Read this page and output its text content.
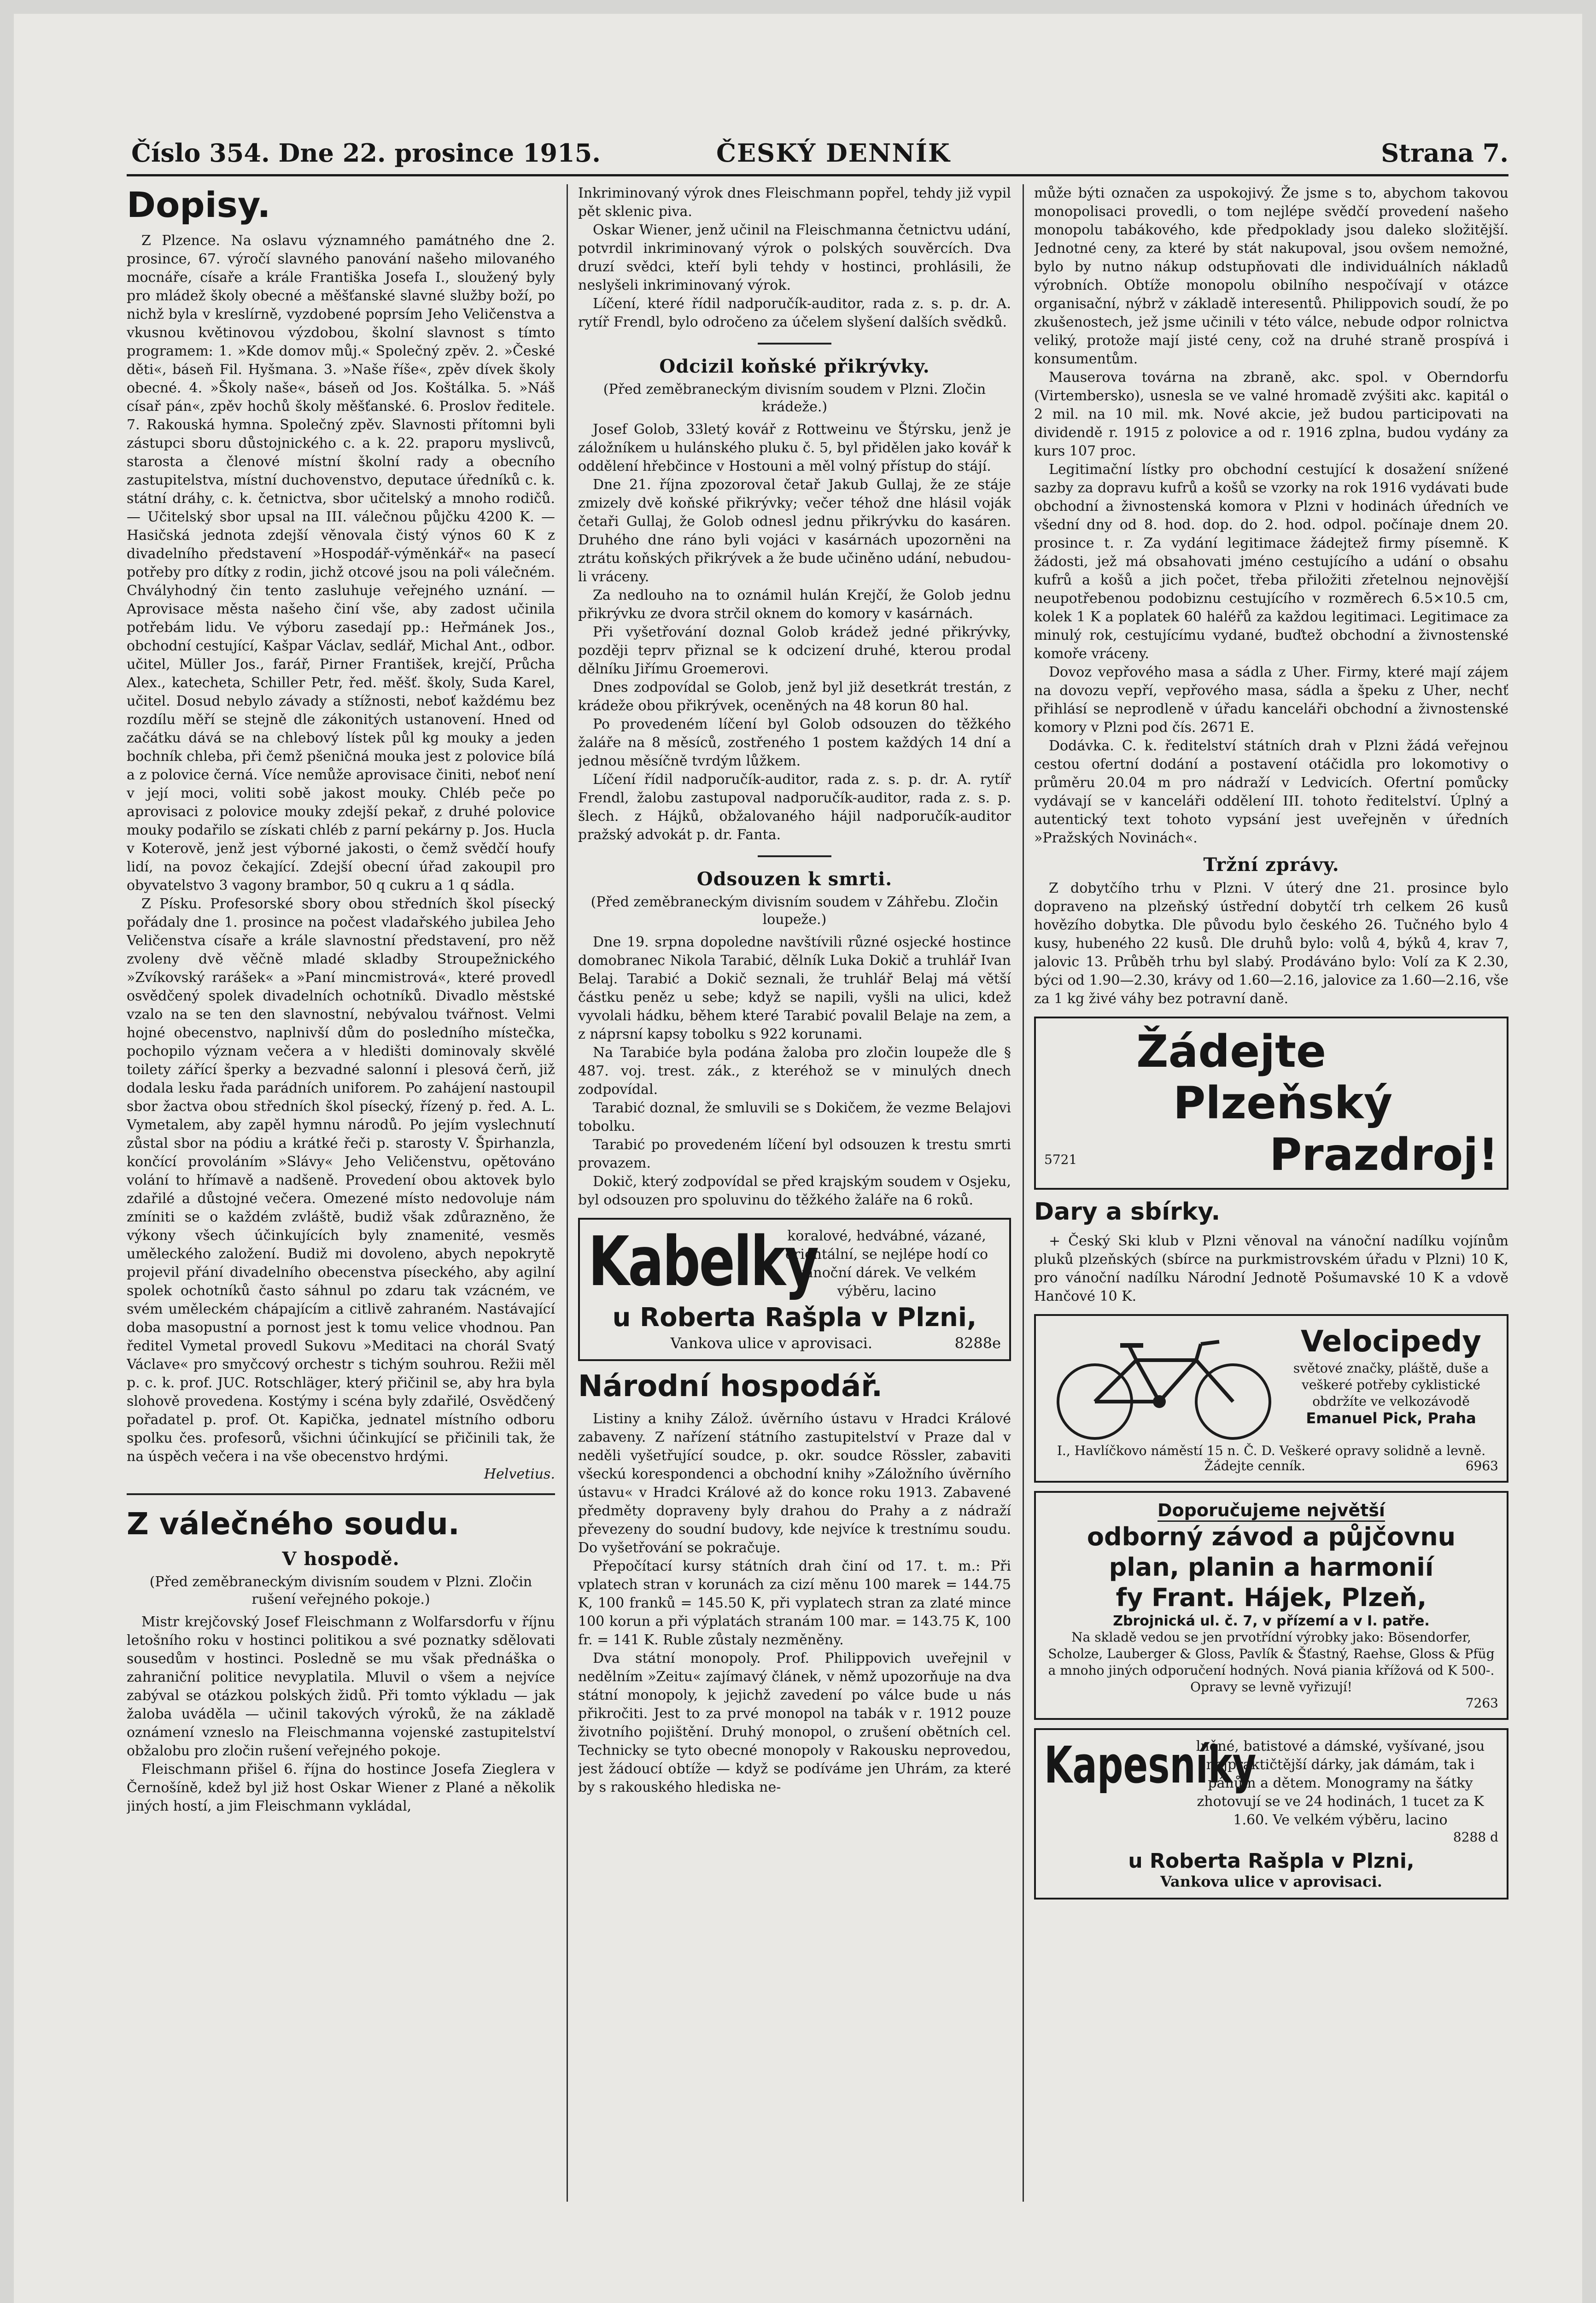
Číslo 354. Dne 22. prosince 1915.	ČESKÝ DENNÍK	Strana 7.
Dopisy.

Z Plzence. Na oslavu významného památného dne 2. prosince, 67. výročí slavného panování našeho milovaného mocnáře, císaře a krále Františka Josefa I., sloužený byly pro mládež školy obecné a měšťanské slavné služby boží, po nichž byla v kreslírně, vyzdobené poprsím Jeho Veličenstva a vkusnou květinovou výzdobou, školní slavnost s tímto programem: 1. »Kde domov můj.« Společný zpěv. 2. »České děti«, báseň Fil. Hyšmana. 3. »Naše říše«, zpěv dívek školy obecné. 4. »Školy naše«, báseň od Jos. Koštálka. 5. »Náš císař pán«, zpěv hochů školy měšťanské. 6. Proslov ředitele. 7. Rakouská hymna. Společný zpěv. Slavnosti přítomni byli zástupci sboru důstojnického c. a k. 22. praporu myslivců, starosta a členové místní školní rady a obecního zastupitelstva, místní duchovenstvo, deputace úředníků c. k. státní dráhy, c. k. četnictva, sbor učitelský a mnoho rodičů. — Učitelský sbor upsal na III. válečnou půjčku 4200 K. — Hasičská jednota zdejší věnovala čistý výnos 60 K z divadelního představení »Hospodář-výměnkář« na pasecí potřeby pro dítky z rodin, jichž otcové jsou na poli válečném. Chvályhodný čin tento zasluhuje veřejného uznání. — Aprovisace města našeho činí vše, aby zadost učinila potřebám lidu. Ve výboru zasedají pp.: Heřmánek Jos., obchodní cestující, Kašpar Václav, sedlář, Michal Ant., odbor. učitel, Müller Jos., farář, Pirner František, krejčí, Průcha Alex., katecheta, Schiller Petr, řed. měšť. školy, Suda Karel, učitel. Dosud nebylo závady a stížnosti, neboť každému bez rozdílu měří se stejně dle zákonitých ustanovení. Hned od začátku dává se na chlebový lístek půl kg mouky a jeden bochník chleba, při čemž pšeničná mouka jest z polovice bílá a z polovice černá. Více nemůže aprovisace činiti, neboť není v její moci, voliti sobě jakost mouky. Chléb peče po aprovisaci z polovice mouky zdejší pekař, z druhé polovice mouky podařilo se získati chléb z parní pekárny p. Jos. Hucla v Koterově, jenž jest výborné jakosti, o čemž svědčí houfy lidí, na povoz čekající. Zdejší obecní úřad zakoupil pro obyvatelstvo 3 vagony brambor, 50 q cukru a 1 q sádla.

Z Písku. Profesorské sbory obou středních škol písecký pořádaly dne 1. prosince na počest vladařského jubilea Jeho Veličenstva císaře a krále slavnostní představení, pro něž zvoleny dvě věčně mladé skladby Stroupežnického »Zvíkovský rarášek« a »Paní mincmistrová«, které provedl osvědčený spolek divadelních ochotníků. Divadlo městské vzalo na se ten den slavnostní, nebývalou tvářnost. Velmi hojné obecenstvo, naplnivší dům do posledního místečka, pochopilo význam večera a v hledišti dominovaly skvělé toilety zářící šperky a bezvadné salonní i plesová čerň, již dodala lesku řada parádních uniforem. Po zahájení nastoupil sbor žactva obou středních škol písecký, řízený p. řed. A. L. Vymetalem, aby zapěl hymnu národů. Po jejím vyslechnutí zůstal sbor na pódiu a krátké řeči p. starosty V. Špirhanzla, končící provoláním »Slávy« Jeho Veličenstvu, opětováno volání to hřímavě a nadšeně. Provedení obou aktovek bylo zdařilé a důstojné večera. Omezené místo nedovoluje nám zmíniti se o každém zvláště, budiž však zdůrazněno, že výkony všech účinkujících byly znamenité, vesměs uměleckého založení. Budiž mi dovoleno, abych nepokrytě projevil přání divadelního obecenstva píseckého, aby agilní spolek ochotníků často sáhnul po zdaru tak vzácném, ve svém uměleckém chápajícím a citlivě zahraném. Nastávající doba masopustní a pornost jest k tomu velice vhodnou. Pan ředitel Vymetal provedl Sukovu »Meditaci na chorál Svatý Václave« pro smyčcový orchestr s tichým souhrou. Režii měl p. c. k. prof. JUC. Rotschläger, který přičinil se, aby hra byla slohově provedena. Kostýmy i scéna byly zdařilé, Osvědčený pořadatel p. prof. Ot. Kapička, jednatel místního odboru spolku čes. profesorů, všichni účinkující se přičinili tak, že na úspěch večera i na vše obecenstvo hrdými.

Helvetius.

Z válečného soudu.
V hospodě.

(Před zeměbraneckým divisním soudem v Plzni. Zločin rušení veřejného pokoje.)

Mistr krejčovský Josef Fleischmann z Wolfarsdorfu v říjnu letošního roku v hostinci politikou a své poznatky sdělovati sousedům v hostinci. Posledně se mu však přednáška o zahraniční politice nevyplatila. Mluvil o všem a nejvíce zabýval se otázkou polských židů. Při tomto výkladu — jak žaloba uváděla — učinil takových výroků, že na základě oznámení vzneslo na Fleischmanna vojenské zastupitelství obžalobu pro zločin rušení veřejného pokoje.

Fleischmann přišel 6. října do hostince Josefa Zieglera v Černošíně, kdež byl již host Oskar Wiener z Plané a několik jiných hostí, a jim Fleischmann vykládal,

Inkriminovaný výrok dnes Fleischmann popřel, tehdy již vypil pět sklenic piva.

Oskar Wiener, jenž učinil na Fleischmanna četnictvu udání, potvrdil inkriminovaný výrok o polských souvěrcích. Dva druzí svědci, kteří byli tehdy v hostinci, prohlásili, že neslyšeli inkriminovaný výrok.

Líčení, které řídil nadporučík-auditor, rada z. s. p. dr. A. rytíř Frendl, bylo odročeno za účelem slyšení dalších svědků.

Odcizil koňské přikrývky.

(Před zeměbraneckým divisním soudem v Plzni. Zločin krádeže.)

Josef Golob, 33letý kovář z Rottweinu ve Štýrsku, jenž je záložníkem u hulánského pluku č. 5, byl přidělen jako kovář k oddělení hřebčince v Hostouni a měl volný přístup do stájí.

Dne 21. října zpozoroval četař Jakub Gullaj, že ze stáje zmizely dvě koňské přikrývky; večer téhož dne hlásil voják četaři Gullaj, že Golob odnesl jednu přikrývku do kasáren. Druhého dne ráno byli vojáci v kasárnách upozorněni na ztrátu koňských přikrývek a že bude učiněno udání, nebudou-li vráceny.

Za nedlouho na to oznámil hulán Krejčí, že Golob jednu přikrývku ze dvora strčil oknem do komory v kasárnách.

Při vyšetřování doznal Golob krádež jedné přikrývky, později teprv přiznal se k odcizení druhé, kterou prodal dělníku Jiřímu Groemerovi.

Dnes zodpovídal se Golob, jenž byl již desetkrát trestán, z krádeže obou přikrývek, oceněných na 48 korun 80 hal.

Po provedeném líčení byl Golob odsouzen do těžkého žaláře na 8 měsíců, zostřeného 1 postem každých 14 dní a jednou měsíčně tvrdým lůžkem.

Líčení řídil nadporučík-auditor, rada z. s. p. dr. A. rytíř Frendl, žalobu zastupoval nadporučík-auditor, rada z. s. p. šlech. z Hájků, obžalovaného hájil nadporučík-auditor pražský advokát p. dr. Fanta.

Odsouzen k smrti.

(Před zeměbraneckým divisním soudem v Záhřebu. Zločin loupeže.)

Dne 19. srpna dopoledne navštívili různé osjecké hostince domobranec Nikola Tarabić, dělník Luka Dokič a truhlář Ivan Belaj. Tarabić a Dokič seznali, že truhlář Belaj má větší částku peněz u sebe; když se napili, vyšli na ulici, kdež vyvolali hádku, během které Tarabić povalil Belaje na zem, a z náprsní kapsy tobolku s 922 korunami.

Na Tarabiće byla podána žaloba pro zločin loupeže dle § 487. voj. trest. zák., z kteréhož se v minulých dnech zodpovídal.

Tarabić doznal, že smluvili se s Dokičem, že vezme Belajovi tobolku.

Tarabić po provedeném líčení byl odsouzen k trestu smrti provazem.

Dokič, který zodpovídal se před krajským soudem v Osjeku, byl odsouzen pro spoluvinu do těžkého žaláře na 6 roků.

Kabelky
koralové, hedvábné, vázané, orientální, se nejlépe hodí co vánoční dárek. Ve velkém výběru, lacino
u Roberta Rašpla v Plzni,
Vankova ulice v aprovisaci.	8288e
Národní hospodář.

Listiny a knihy Zálož. úvěrního ústavu v Hradci Králové zabaveny. Z nařízení státního zastupitelství v Praze dal v neděli vyšetřující soudce, p. okr. soudce Rössler, zabaviti všeckú korespondenci a obchodní knihy »Záložního úvěrního ústavu« v Hradci Králové až do konce roku 1913. Zabavené předměty dopraveny byly drahou do Prahy a z nádraží převezeny do soudní budovy, kde nejvíce k trestnímu soudu. Do vyšetřování se pokračuje.

Přepočítací kursy státních drah činí od 17. t. m.: Při vplatech stran v korunách za cizí měnu 100 marek = 144.75 K, 100 franků = 145.50 K, při vyplatech stran za zlaté mince 100 korun a při výplatách stranám 100 mar. = 143.75 K, 100 fr. = 141 K. Ruble zůstaly nezměněny.

Dva státní monopoly. Prof. Philippovich uveřejnil v nedělním »Zeitu« zajímavý článek, v němž upozorňuje na dva státní monopoly, k jejichž zavedení po válce bude u nás přikročiti. Jest to za prvé monopol na tabák v r. 1912 pouze životního pojištění. Druhý monopol, o zrušení obětních cel. Technicky se tyto obecné monopoly v Rakousku neprovedou, jest žádoucí obtíže — když se podíváme jen Uhrám, za které by s rakouského hlediska ne-

může býti označen za uspokojivý. Že jsme s to, abychom takovou monopolisaci provedli, o tom nejlépe svědčí provedení našeho monopolu tabákového, kde předpoklady jsou daleko složitější. Jednotné ceny, za které by stát nakupoval, jsou ovšem nemožné, bylo by nutno nákup odstupňovati dle individuálních nákladů výrobních. Obtíže monopolu obilního nespočívají v otázce organisační, nýbrž v základě interesentů. Philippovich soudí, že po zkušenostech, jež jsme učinili v této válce, nebude odpor rolnictva veliký, protože mají jisté ceny, což na druhé straně prospívá i konsumentům.

Mauserova továrna na zbraně, akc. spol. v Oberndorfu (Virtembersko), usnesla se ve valné hromadě zvýšiti akc. kapitál o 2 mil. na 10 mil. mk. Nové akcie, jež budou participovati na dividendě r. 1915 z polovice a od r. 1916 zplna, budou vydány za kurs 107 proc.

Legitimační lístky pro obchodní cestující k dosažení snížené sazby za dopravu kufrů a košů se vzorky na rok 1916 vydávati bude obchodní a živnostenská komora v Plzni v hodinách úředních ve všední dny od 8. hod. dop. do 2. hod. odpol. počínaje dnem 20. prosince t. r. Za vydání legitimace žádejtež firmy písemně. K žádosti, jež má obsahovati jméno cestujícího a udání o obsahu kufrů a košů a jich počet, třeba přiložiti zřetelnou nejnovější neupotřebenou podobiznu cestujícího v rozměrech 6.5×10.5 cm, kolek 1 K a poplatek 60 haléřů za každou legitimaci. Legitimace za minulý rok, cestujícímu vydané, buďtež obchodní a živnostenské komoře vráceny.

Dovoz vepřového masa a sádla z Uher. Firmy, které mají zájem na dovozu vepří, vepřového masa, sádla a špeku z Uher, nechť přihlásí se neprodleně v úřadu kanceláři obchodní a živnostenské komory v Plzni pod čís. 2671 E.

Dodávka. C. k. ředitelství státních drah v Plzni žádá veřejnou cestou ofertní dodání a postavení otáčidla pro lokomotivy o průměru 20.04 m pro nádraží v Ledvicích. Ofertní pomůcky vydávají se v kanceláři oddělení III. tohoto ředitelství. Úplný a autentický text tohoto vypsání jest uveřejněn v úředních »Pražských Novinách«.

Tržní zprávy.

Z dobytčího trhu v Plzni. V úterý dne 21. prosince bylo dopraveno na plzeňský ústřední dobytčí trh celkem 26 kusů hovězího dobytka. Dle původu bylo českého 26. Tučného bylo 4 kusy, hubeného 22 kusů. Dle druhů bylo: volů 4, býků 4, krav 7, jalovic 13. Průběh trhu byl slabý. Prodáváno bylo: Volí za K 2.30, býci od 1.90—2.30, krávy od 1.60—2.16, jalovice za 1.60—2.16, vše za 1 kg živé váhy bez potravní daně.

Žádejte
Plzeňský
5721	Prazdroj!
Dary a sbírky.

+ Český Ski klub v Plzni věnoval na vánoční nadílku vojínům pluků plzeňských (sbírce na purkmistrovském úřadu v Plzni) 10 K, pro vánoční nadílku Národní Jednotě Pošumavské 10 K a vdově Hančové 10 K.

Velocipedy
světové značky, pláště, duše a veškeré potřeby cyklistické obdržíte ve velkozávodě
Emanuel Pick, Praha
I., Havlíčkovo náměstí 15 n. Č. D. Veškeré opravy solidně a levně. Žádejte cenník.	6963
Doporučujeme největší
odborný závod a půjčovnu
plan, planin a harmonií
fy Frant. Hájek, Plzeň,
Zbrojnická ul. č. 7, v přízemí a v I. patře.
Na skladě vedou se jen prvotřídní výrobky jako: Bösendorfer, Scholze, Lauberger & Gloss, Pavlík & Šťastný, Raehse, Gloss & Pfüg a mnoho jiných odporučení hodných. Nová piania křížová od K 500-. Opravy se levně vyřizují!
7263
Kapesníky
lněné, batistové a dámské, vyšívané, jsou nejpraktičtější dárky, jak dámám, tak i pánům a dětem. Monogramy na šátky zhotovují se ve 24 hodinách, 1 tucet za K 1.60. Ve velkém výběru, lacino
8288 d
u Roberta Rašpla v Plzni,
Vankova ulice v aprovisaci.
